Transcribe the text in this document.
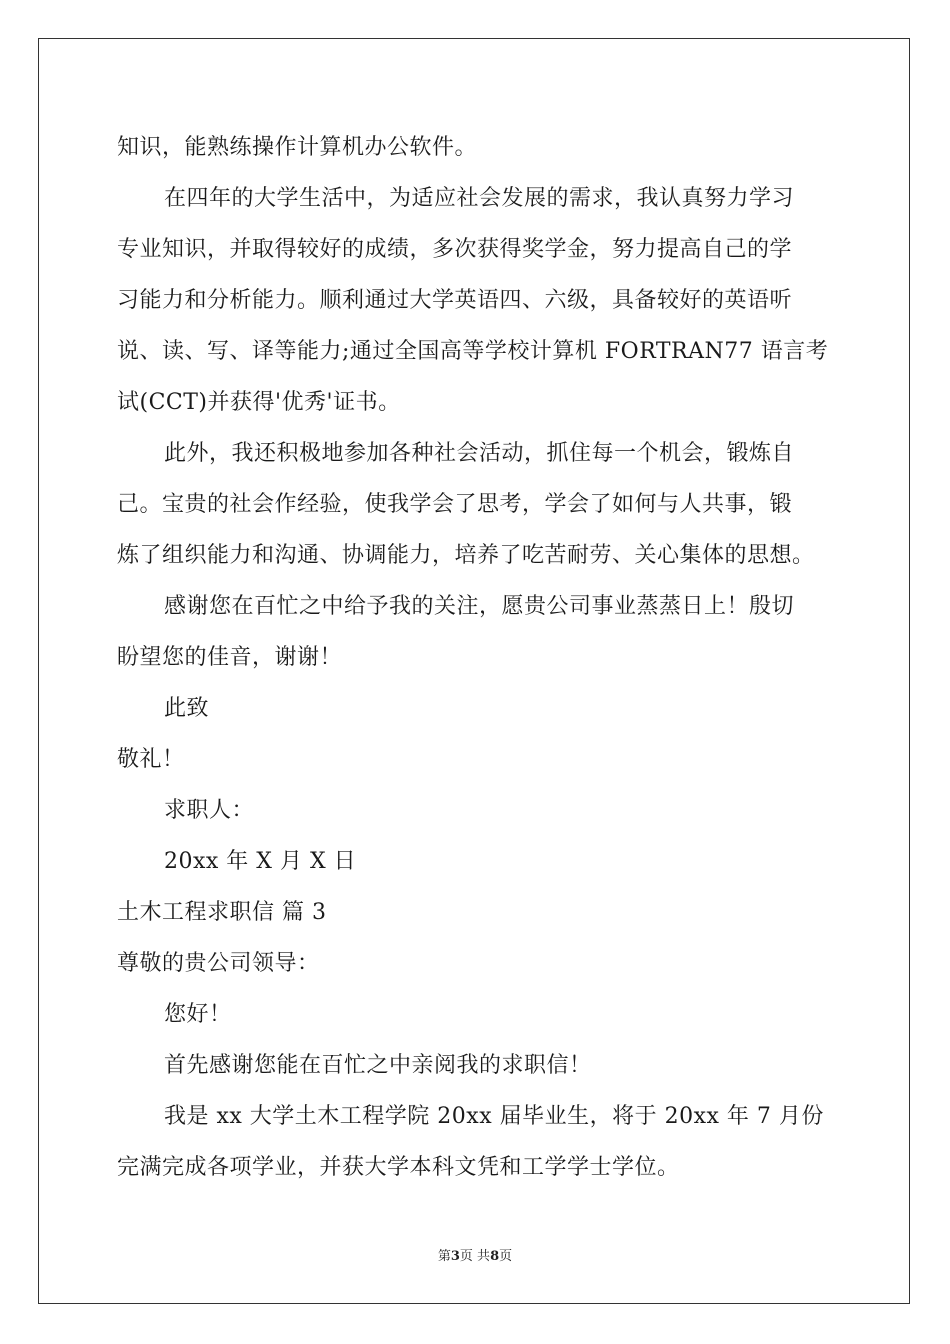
知识，能熟练操作计算机办公软件。
在四年的大学生活中，为适应社会发展的需求，我认真努力学习
专业知识，并取得较好的成绩，多次获得奖学金，努力提高自己的学
习能力和分析能力。顺利通过大学英语四、六级，具备较好的英语听
说、读、写、译等能力;通过全国高等学校计算机 FORTRAN77 语言考
试(CCT)并获得'优秀'证书。
此外，我还积极地参加各种社会活动，抓住每一个机会，锻炼自
己。宝贵的社会作经验，使我学会了思考，学会了如何与人共事，锻
炼了组织能力和沟通、协调能力，培养了吃苦耐劳、关心集体的思想。
感谢您在百忙之中给予我的关注，愿贵公司事业蒸蒸日上！殷切
盼望您的佳音，谢谢！
此致
敬礼！
求职人：
20xx 年 X 月 X 日
土木工程求职信 篇 3
尊敬的贵公司领导：
您好！
首先感谢您能在百忙之中亲阅我的求职信！
我是 xx 大学土木工程学院 20xx 届毕业生，将于 20xx 年 7 月份
完满完成各项学业，并获大学本科文凭和工学学士学位。
第3页 共8页
